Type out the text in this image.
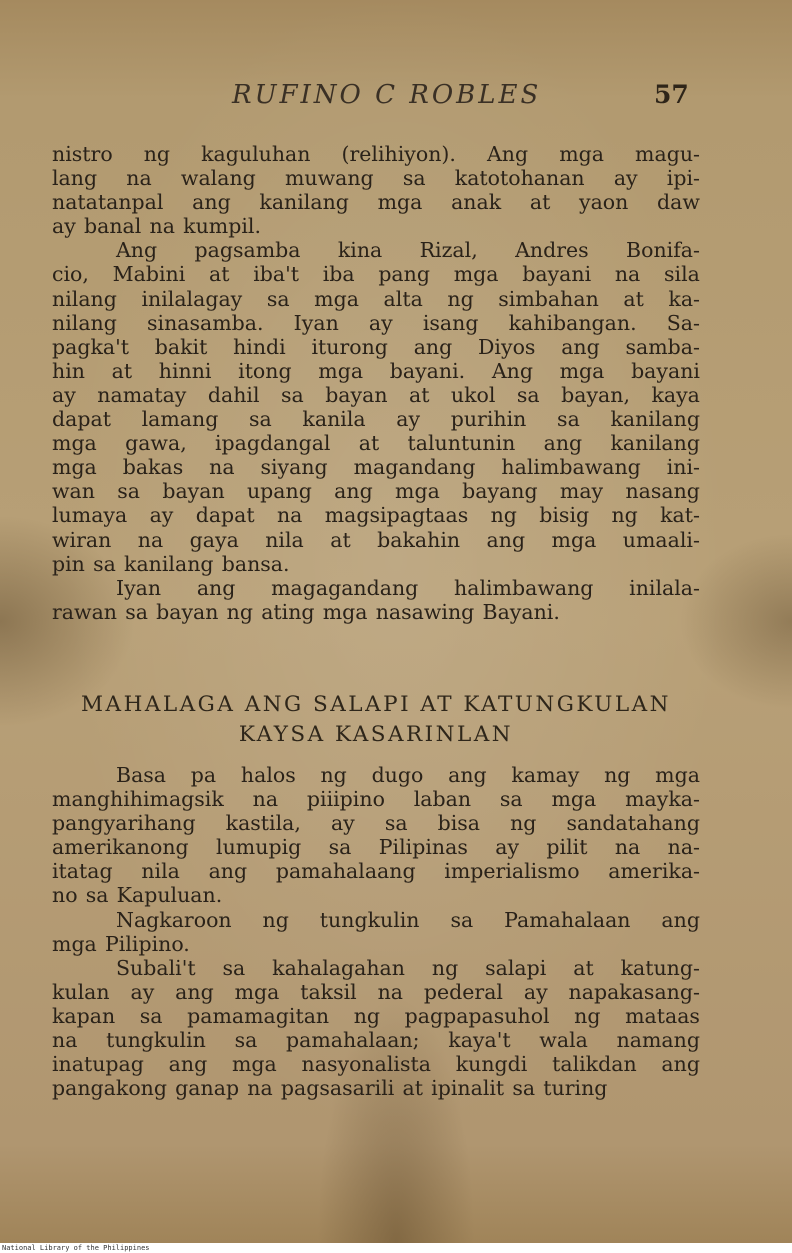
RUFINO C ROBLES	57
nistro ng kaguluhan (relihiyon). Ang mga magu-
lang na walang muwang sa katotohanan ay ipi-
natatanpal ang kanilang mga anak at yaon daw
ay banal na kumpil.
Ang pagsamba kina Rizal, Andres Bonifa-
cio, Mabini at iba't iba pang mga bayani na sila
nilang inilalagay sa mga alta ng simbahan at ka-
nilang sinasamba. Iyan ay isang kahibangan. Sa-
pagka't bakit hindi iturong ang Diyos ang samba-
hin at hinni itong mga bayani. Ang mga bayani
ay namatay dahil sa bayan at ukol sa bayan, kaya
dapat lamang sa kanila ay purihin sa kanilang
mga gawa, ipagdangal at taluntunin ang kanilang
mga bakas na siyang magandang halimbawang ini-
wan sa bayan upang ang mga bayang may nasang
lumaya ay dapat na magsipagtaas ng bisig ng kat-
wiran na gaya nila at bakahin ang mga umaali-
pin sa kanilang bansa.
Iyan ang magagandang halimbawang inilala-
rawan sa bayan ng ating mga nasawing Bayani.
MAHALAGA ANG SALAPI AT KATUNGKULAN
KAYSA KASARINLAN
Basa pa halos ng dugo ang kamay ng mga
manghihimagsik na piiipino laban sa mga mayka-
pangyarihang kastila, ay sa bisa ng sandatahang
amerikanong lumupig sa Pilipinas ay pilit na na-
itatag nila ang pamahalaang imperialismo amerika-
no sa Kapuluan.
Nagkaroon ng tungkulin sa Pamahalaan ang
mga Pilipino.
Subali't sa kahalagahan ng salapi at katung-
kulan ay ang mga taksil na pederal ay napakasang-
kapan sa pamamagitan ng pagpapasuhol ng mataas
na tungkulin sa pamahalaan; kaya't wala namang
inatupag ang mga nasyonalista kungdi talikdan ang
pangakong ganap na pagsasarili at ipinalit sa turing
National Library of the Philippines
